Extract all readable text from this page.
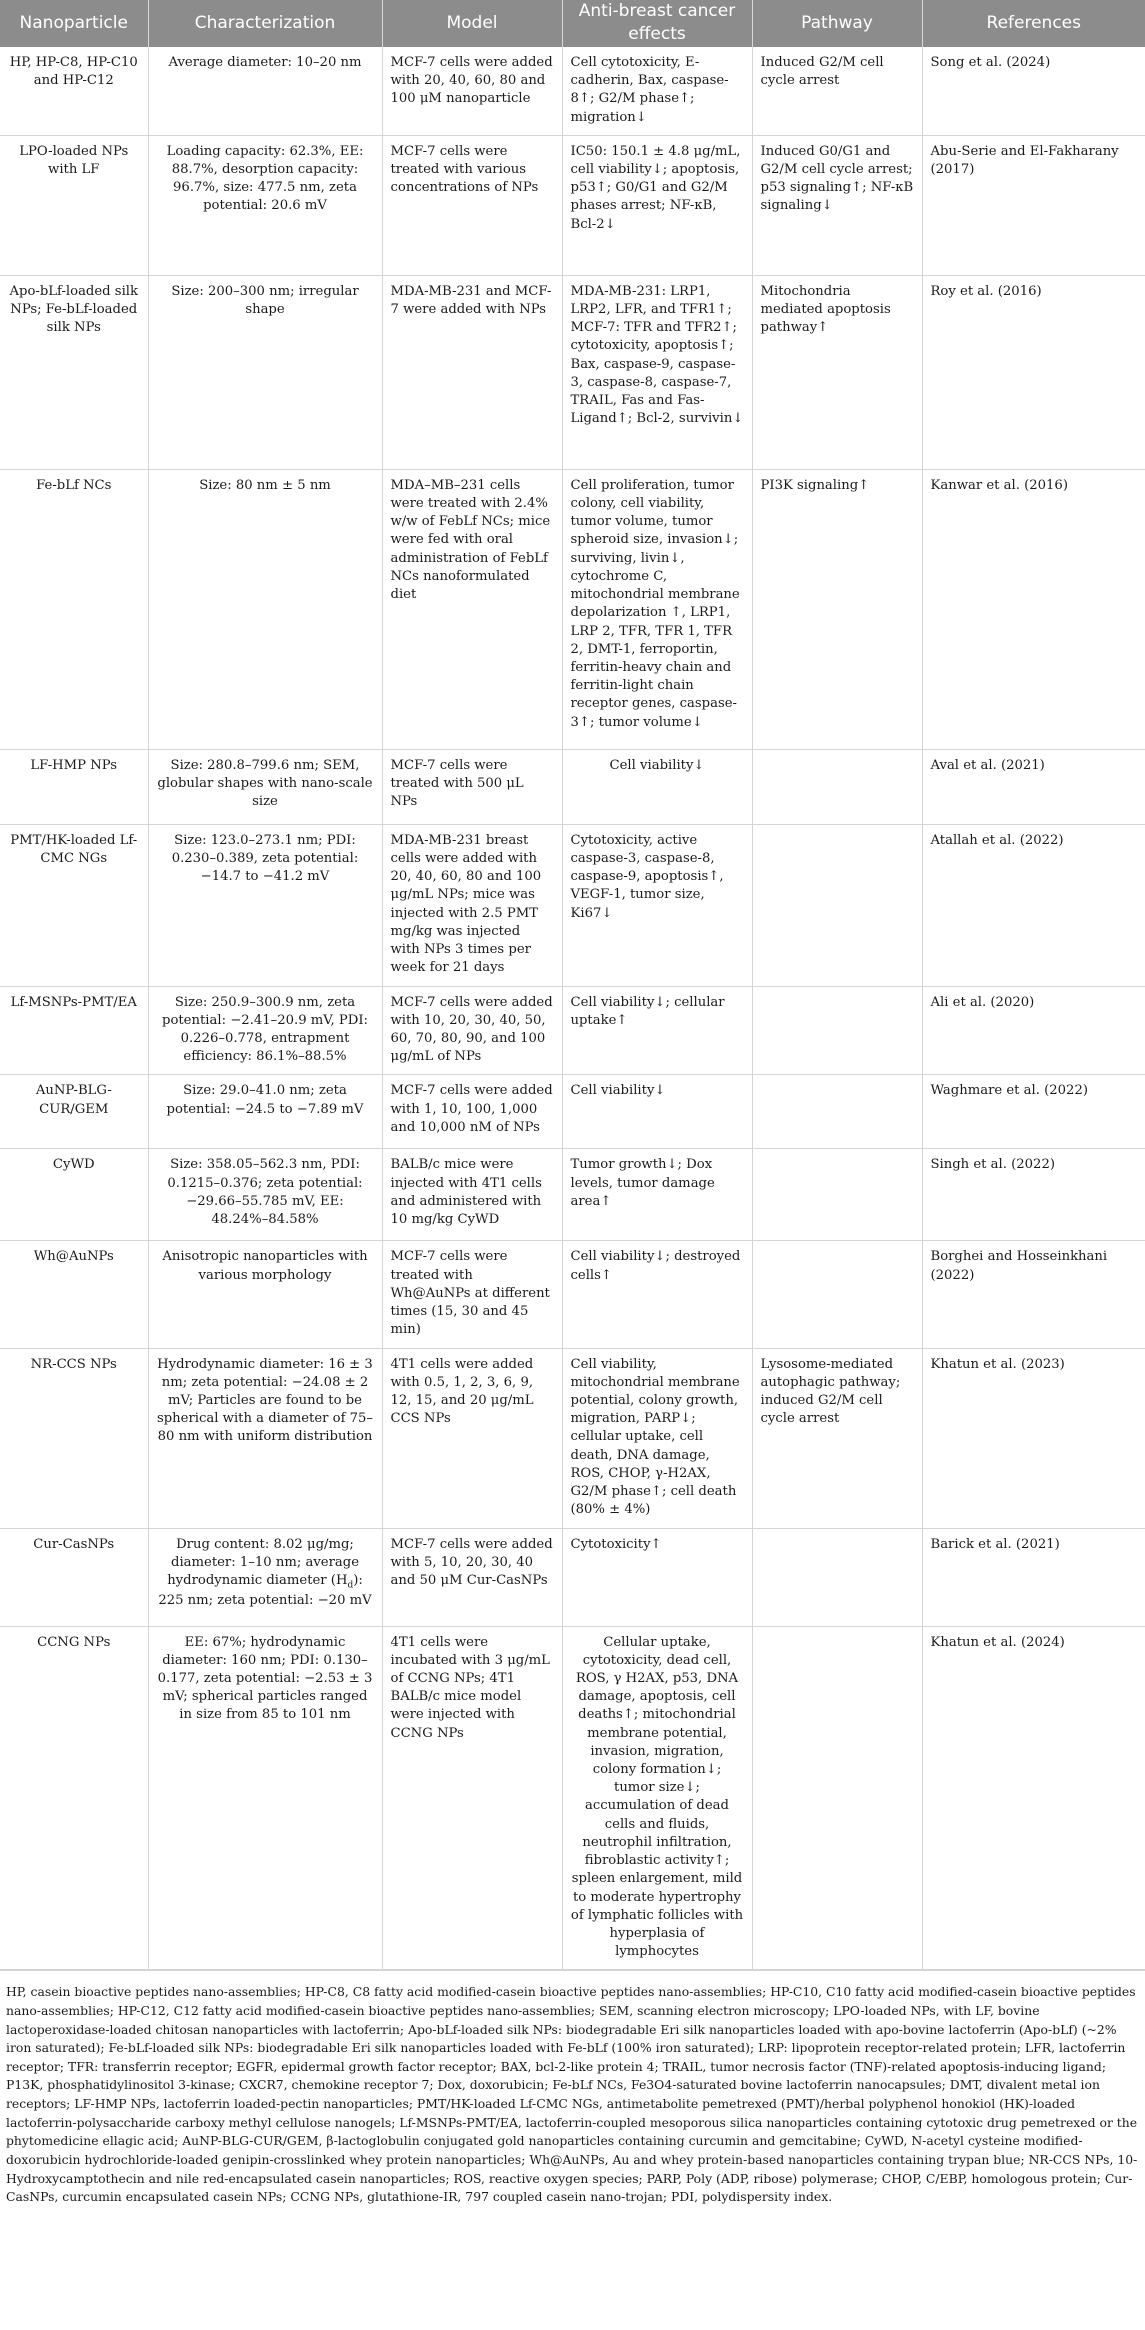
Nanoparticle	Characterization	Model	Anti-breast cancer effects	Pathway	References
HP, HP-C8, HP-C10 and HP-C12	Average diameter: 10–20 nm	MCF-7 cells were added with 20, 40, 60, 80 and 100 μM nanoparticle	Cell cytotoxicity, E-cadherin, Bax, caspase-8↑; G2/M phase↑; migration↓	Induced G2/M cell cycle arrest	Song et al. (2024)
LPO-loaded NPs with LF	Loading capacity: 62.3%, EE: 88.7%, desorption capacity: 96.7%, size: 477.5 nm, zeta potential: 20.6 mV	MCF-7 cells were treated with various concentrations of NPs	IC50: 150.1 ± 4.8 μg/mL, cell viability↓; apoptosis, p53↑; G0/G1 and G2/M phases arrest; NF-κB, Bcl-2↓	Induced G0/G1 and G2/M cell cycle arrest; p53 signaling↑; NF-κB signaling↓	Abu-Serie and El-Fakharany (2017)
Apo-bLf-loaded silk NPs; Fe-bLf-loaded silk NPs	Size: 200–300 nm; irregular shape	MDA-MB-231 and MCF-7 were added with NPs	MDA-MB-231: LRP1, LRP2, LFR, and TFR1↑; MCF-7: TFR and TFR2↑; cytotoxicity, apoptosis↑; Bax, caspase-9, caspase-3, caspase-8, caspase-7, TRAIL, Fas and Fas-Ligand↑; Bcl-2, survivin↓	Mitochondria mediated apoptosis pathway↑	Roy et al. (2016)
Fe-bLf NCs	Size: 80 nm ± 5 nm	MDA–MB–231 cells were treated with 2.4% w/w of FebLf NCs; mice were fed with oral administration of FebLf NCs nanoformulated diet	Cell proliferation, tumor colony, cell viability, tumor volume, tumor spheroid size, invasion↓; surviving, livin↓, cytochrome C, mitochondrial membrane depolarization ↑, LRP1, LRP 2, TFR, TFR 1, TFR 2, DMT-1, ferroportin, ferritin-heavy chain and ferritin-light chain receptor genes, caspase-3↑; tumor volume↓	PI3K signaling↑	Kanwar et al. (2016)
LF-HMP NPs	Size: 280.8–799.6 nm; SEM, globular shapes with nano-scale size	MCF-7 cells were treated with 500 μL NPs	Cell viability↓		Aval et al. (2021)
PMT/HK-loaded Lf-CMC NGs	Size: 123.0–273.1 nm; PDI: 0.230–0.389, zeta potential: −14.7 to −41.2 mV	MDA-MB-231 breast cells were added with 20, 40, 60, 80 and 100 μg/mL NPs; mice was injected with 2.5 PMT mg/kg was injected with NPs 3 times per week for 21 days	Cytotoxicity, active caspase-3, caspase-8, caspase-9, apoptosis↑, VEGF-1, tumor size, Ki67↓		Atallah et al. (2022)
Lf-MSNPs-PMT/EA	Size: 250.9–300.9 nm, zeta potential: −2.41–20.9 mV, PDI: 0.226–0.778, entrapment efficiency: 86.1%–88.5%	MCF-7 cells were added with 10, 20, 30, 40, 50, 60, 70, 80, 90, and 100 μg/mL of NPs	Cell viability↓; cellular uptake↑		Ali et al. (2020)
AuNP-BLG-CUR/GEM	Size: 29.0–41.0 nm; zeta potential: −24.5 to −7.89 mV	MCF-7 cells were added with 1, 10, 100, 1,000 and 10,000 nM of NPs	Cell viability↓		Waghmare et al. (2022)
CyWD	Size: 358.05–562.3 nm, PDI: 0.1215–0.376; zeta potential: −29.66–55.785 mV, EE: 48.24%–84.58%	BALB/c mice were injected with 4T1 cells and administered with 10 mg/kg CyWD	Tumor growth↓; Dox levels, tumor damage area↑		Singh et al. (2022)
Wh@AuNPs	Anisotropic nanoparticles with various morphology	MCF-7 cells were treated with Wh@AuNPs at different times (15, 30 and 45 min)	Cell viability↓; destroyed cells↑		Borghei and Hosseinkhani (2022)
NR-CCS NPs	Hydrodynamic diameter: 16 ± 3 nm; zeta potential: −24.08 ± 2 mV; Particles are found to be spherical with a diameter of 75–80 nm with uniform distribution	4T1 cells were added with 0.5, 1, 2, 3, 6, 9, 12, 15, and 20 μg/mL CCS NPs	Cell viability, mitochondrial membrane potential, colony growth, migration, PARP↓; cellular uptake, cell death, DNA damage, ROS, CHOP, γ-H2AX, G2/M phase↑; cell death (80% ± 4%)	Lysosome-mediated autophagic pathway; induced G2/M cell cycle arrest	Khatun et al. (2023)
Cur-CasNPs	Drug content: 8.02 μg/mg; diameter: 1–10 nm; average hydrodynamic diameter $(H_d)$: 225 nm; zeta potential: −20 mV	MCF-7 cells were added with 5, 10, 20, 30, 40 and 50 μM Cur-CasNPs	Cytotoxicity↑		Barick et al. (2021)
CCNG NPs	EE: 67%; hydrodynamic diameter: 160 nm; PDI: 0.130–0.177, zeta potential: −2.53 ± 3 mV; spherical particles ranged in size from 85 to 101 nm	4T1 cells were incubated with 3 μg/mL of CCNG NPs; 4T1 BALB/c mice model were injected with CCNG NPs	Cellular uptake, cytotoxicity, dead cell, ROS, γ H2AX, p53, DNA damage, apoptosis, cell deaths↑; mitochondrial membrane potential, invasion, migration, colony formation↓; tumor size↓; accumulation of dead cells and fluids, neutrophil infiltration, fibroblastic activity↑; spleen enlargement, mild to moderate hypertrophy of lymphatic follicles with hyperplasia of lymphocytes		Khatun et al. (2024)
HP, casein bioactive peptides nano-assemblies; HP-C8, C8 fatty acid modified-casein bioactive peptides nano-assemblies; HP-C10, C10 fatty acid modified-casein bioactive peptides nano-assemblies; HP-C12, C12 fatty acid modified-casein bioactive peptides nano-assemblies; SEM, scanning electron microscopy; LPO-loaded NPs, with LF, bovine lactoperoxidase-loaded chitosan nanoparticles with lactoferrin; Apo-bLf-loaded silk NPs: biodegradable Eri silk nanoparticles loaded with apo-bovine lactoferrin (Apo-bLf) (~2% iron saturated); Fe-bLf-loaded silk NPs: biodegradable Eri silk nanoparticles loaded with Fe-bLf (100% iron saturated); LRP: lipoprotein receptor-related protein; LFR, lactoferrin receptor; TFR: transferrin receptor; EGFR, epidermal growth factor receptor; BAX, bcl-2-like protein 4; TRAIL, tumor necrosis factor (TNF)-related apoptosis-inducing ligand; P13K, phosphatidylinositol 3-kinase; CXCR7, chemokine receptor 7; Dox, doxorubicin; Fe-bLf NCs, Fe3O4-saturated bovine lactoferrin nanocapsules; DMT, divalent metal ion receptors; LF-HMP NPs, lactoferrin loaded-pectin nanoparticles; PMT/HK-loaded Lf-CMC NGs, antimetabolite pemetrexed (PMT)/herbal polyphenol honokiol (HK)-loaded lactoferrin-polysaccharide carboxy methyl cellulose nanogels; Lf-MSNPs-PMT/EA, lactoferrin-coupled mesoporous silica nanoparticles containing cytotoxic drug pemetrexed or the phytomedicine ellagic acid; AuNP-BLG-CUR/GEM, β-lactoglobulin conjugated gold nanoparticles containing curcumin and gemcitabine; CyWD, N-acetyl cysteine modified-doxorubicin hydrochloride-loaded genipin-crosslinked whey protein nanoparticles; Wh@AuNPs, Au and whey protein-based nanoparticles containing trypan blue; NR-CCS NPs, 10-Hydroxycamptothecin and nile red-encapsulated casein nanoparticles; ROS, reactive oxygen species; PARP, Poly (ADP, ribose) polymerase; CHOP, C/EBP, homologous protein; Cur-CasNPs, curcumin encapsulated casein NPs; CCNG NPs, glutathione-IR, 797 coupled casein nano-trojan; PDI, polydispersity index.
